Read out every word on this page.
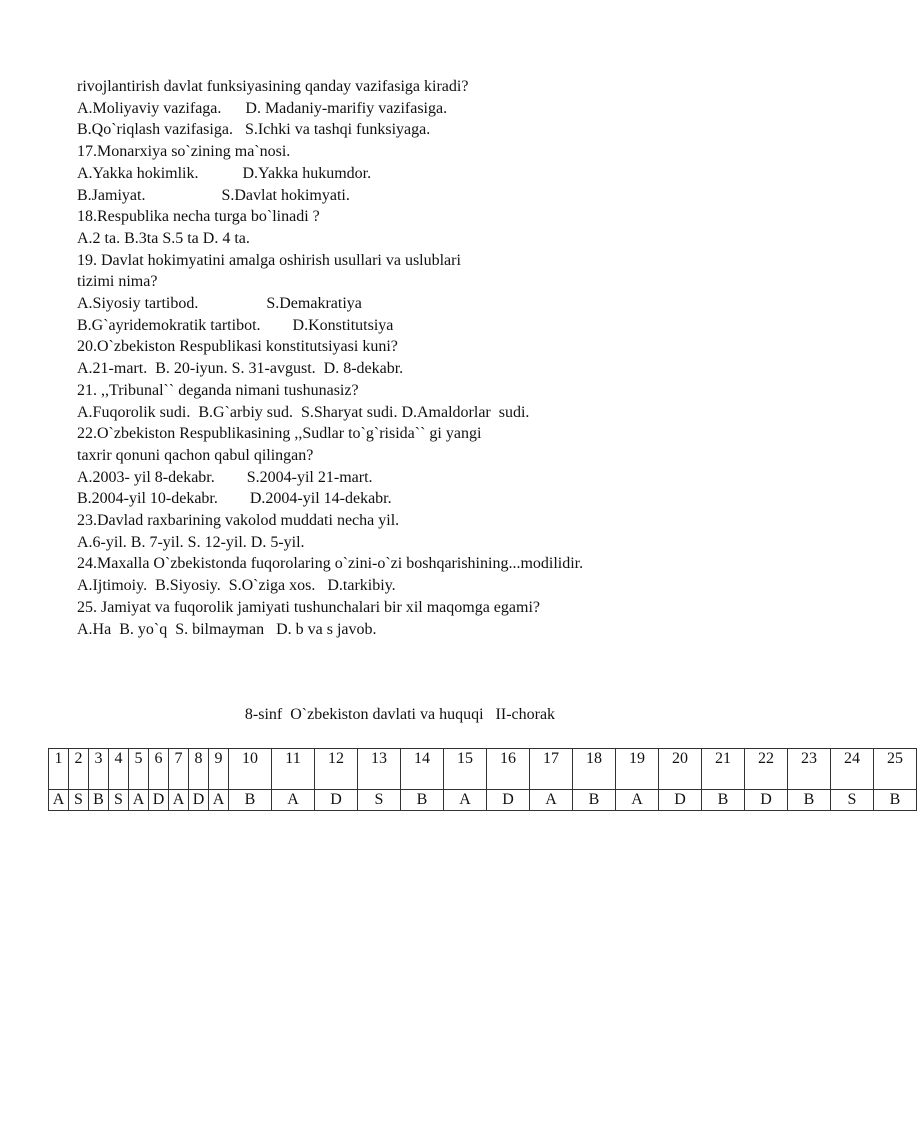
rivojlantirish davlat funksiyasining qanday vazifasiga kiradi?
A.Moliyaviy vazifaga.      D. Madaniy-marifiy vazifasiga.
B.Qo`riqlash vazifasiga.   S.Ichki va tashqi funksiyaga.
17.Monarxiya so`zining ma`nosi.
A.Yakka hokimlik.           D.Yakka hukumdor.
B.Jamiyat.                   S.Davlat hokimyati.
18.Respublika necha turga bo`linadi ?
A.2 ta. B.3ta S.5 ta D. 4 ta.
19. Davlat hokimyatini amalga oshirish usullari va uslublari
tizimi nima?
A.Siyosiy tartibod.                 S.Demakratiya
B.G`ayridemokratik tartibot.        D.Konstitutsiya
20.O`zbekiston Respublikasi konstitutsiyasi kuni?
A.21-mart.  B. 20-iyun. S. 31-avgust.  D. 8-dekabr.
21. ,,Tribunal`` deganda nimani tushunasiz?
A.Fuqorolik sudi.  B.G`arbiy sud.  S.Sharyat sudi. D.Amaldorlar  sudi.
22.O`zbekiston Respublikasining ,,Sudlar to`g`risida`` gi yangi
taxrir qonuni qachon qabul qilingan?
A.2003- yil 8-dekabr.        S.2004-yil 21-mart.
B.2004-yil 10-dekabr.        D.2004-yil 14-dekabr.
23.Davlad raxbarining vakolod muddati necha yil.
A.6-yil. B. 7-yil. S. 12-yil. D. 5-yil.
24.Maxalla O`zbekistonda fuqorolaring o`zini-o`zi boshqarishining...modilidir.
A.Ijtimoiy.  B.Siyosiy.  S.O`ziga xos.   D.tarkibiy.
25. Jamiyat va fuqorolik jamiyati tushunchalari bir xil maqomga egami?
A.Ha  B. yo`q  S. bilmayman   D. b va s javob.
8-sinf  O`zbekiston davlati va huquqi   II-chorak
1	2	3	4	5	6	7	8	9	10	11	12	13	14	15	16	17	18	19	20	21	22	23	24	25
A	S	B	S	A	D	A	D	A	B	A	D	S	B	A	D	A	B	A	D	B	D	B	S	B
